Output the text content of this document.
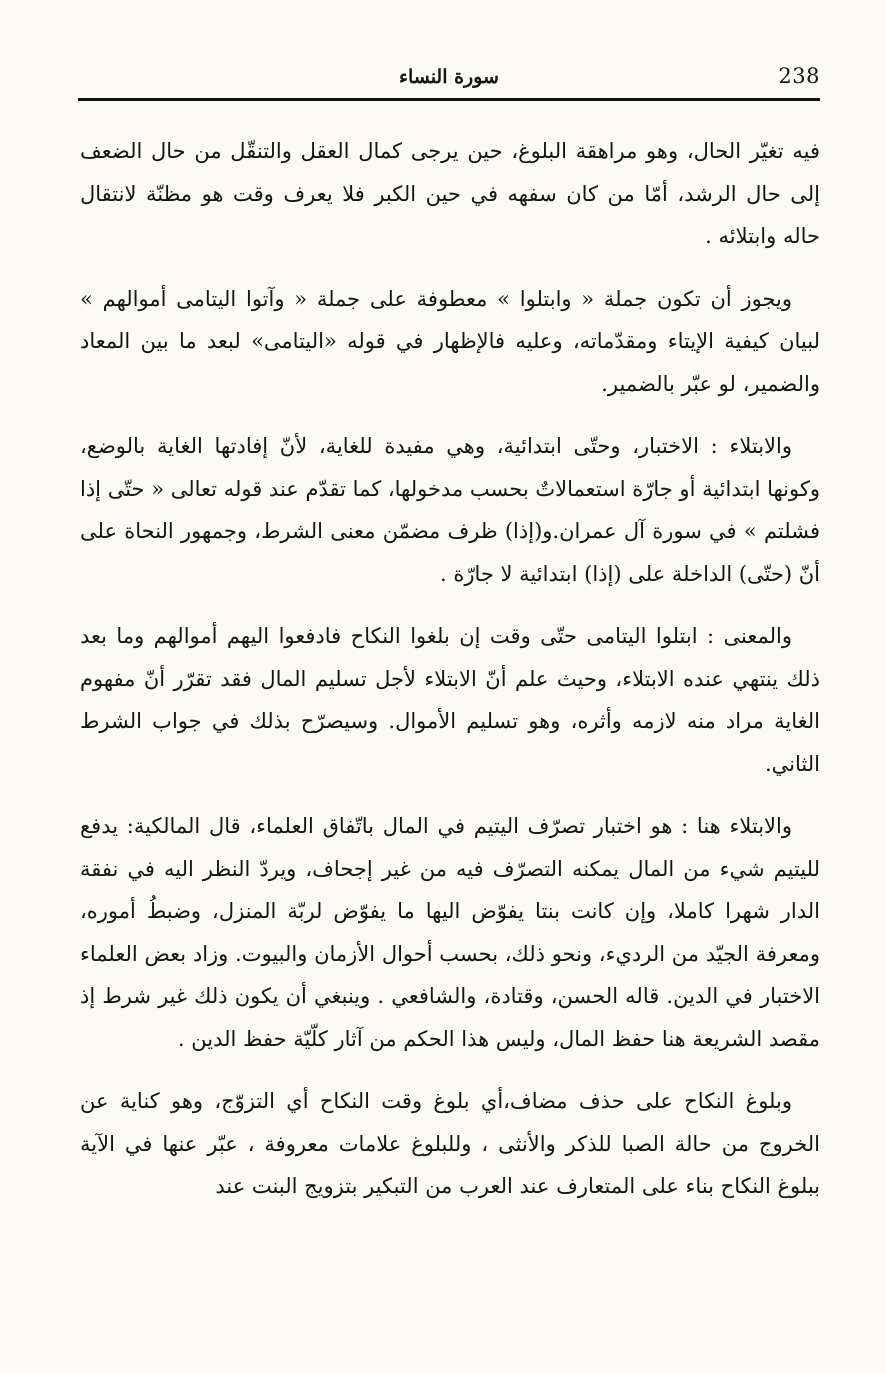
سورة النساء	238

فيه تغيّر الحال، وهو مراهقة البلوغ، حين يرجى كمال العقل والتنقّل من حال الضعف إلى حال الرشد، أمّا من كان سفهه في حين الكبر فلا يعرف وقت هو مظنّة لانتقال حاله وابتلائه .

ويجوز أن تكون جملة « وابتلوا » معطوفة على جملة « وآتوا اليتامى أموالهم » لبيان كيفية الإيتاء ومقدّماته، وعليه فالإظهار في قوله «اليتامى» لبعد ما بين المعاد والضمير، لو عبّر بالضمير.

والابتلاء : الاختبار، وحتّى ابتدائية، وهي مفيدة للغاية، لأنّ إفادتها الغاية بالوضع، وكونها ابتدائية أو جارّة استعمالاتٌ بحسب مدخولها، كما تقدّم عند قوله تعالى « حتّى إذا فشلتم » في سورة آل عمران.و(إذا) ظرف مضمّن معنى الشرط، وجمهور النحاة على أنّ (حتّى) الداخلة على (إذا) ابتدائية لا جارّة .

والمعنى : ابتلوا اليتامى حتّى وقت إن بلغوا النكاح فادفعوا اليهم أموالهم وما بعد ذلك ينتهي عنده الابتلاء، وحيث علم أنّ الابتلاء لأجل تسليم المال فقد تقرّر أنّ مفهوم الغاية مراد منه لازمه وأثره، وهو تسليم الأموال. وسيصرّح بذلك في جواب الشرط الثاني.

والابتلاء هنا : هو اختبار تصرّف اليتيم في المال باتّفاق العلماء، قال المالكية: يدفع لليتيم شيء من المال يمكنه التصرّف فيه من غير إجحاف، ويردّ النظر اليه في نفقة الدار شهرا كاملا، وإن كانت بنتا يفوّض اليها ما يفوّض لربّة المنزل، وضبطُ أموره، ومعرفة الجيّد من الرديء، ونحو ذلك، بحسب أحوال الأزمان والبيوت. وزاد بعض العلماء الاختبار في الدين. قاله الحسن، وقتادة، والشافعي . وينبغي أن يكون ذلك غير شرط إذ مقصد الشريعة هنا حفظ المال، وليس هذا الحكم من آثار كلّيّة حفظ الدين .

وبلوغ النكاح على حذف مضاف،أي بلوغ وقت النكاح أي التزوّج، وهو كناية عن الخروج من حالة الصبا للذكر والأنثى ، وللبلوغ علامات معروفة ، عبّر عنها في الآية ببلوغ النكاح بناء على المتعارف عند العرب من التبكير بتزويج البنت عند
